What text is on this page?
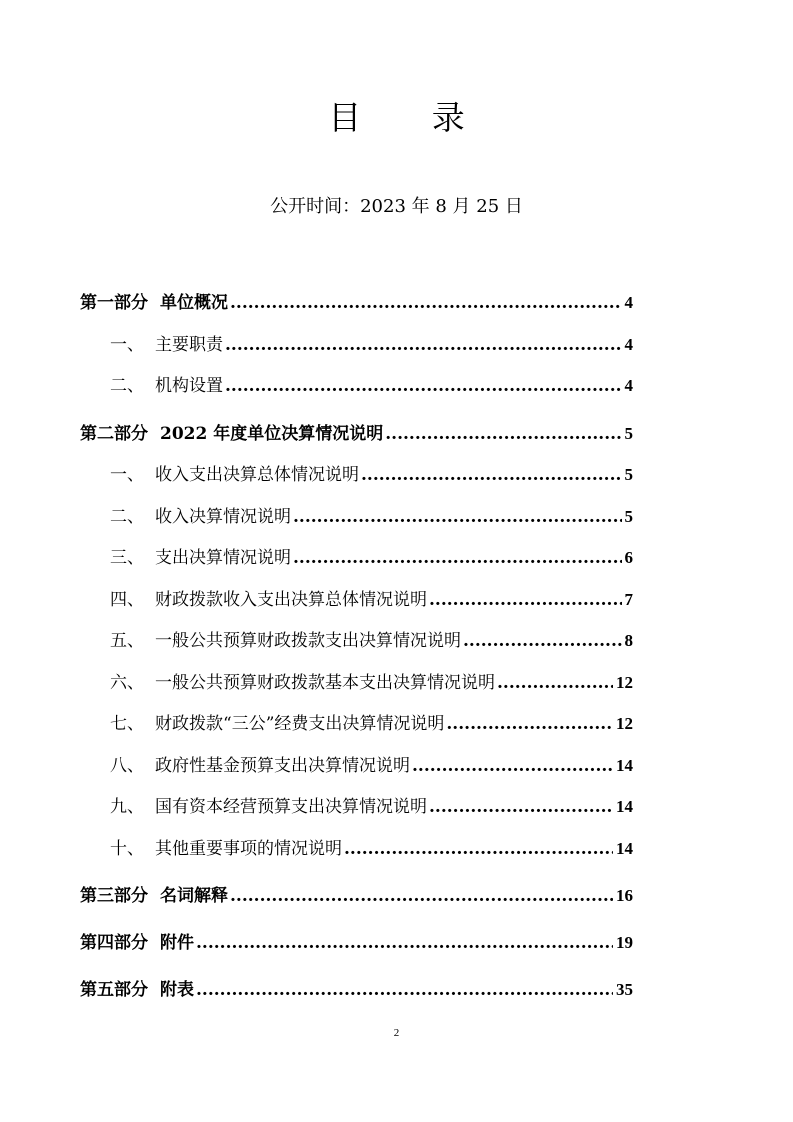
目 录
公开时间：2023 年 8 月 25 日
第一部分 单位概况 .....	4
一、 主要职责 .....	4
二、 机构设置 .....	4
第二部分 2022 年度单位决算情况说明 .....	5
一、 收入支出决算总体情况说明 .....	5
二、 收入决算情况说明 .....	5
三、 支出决算情况说明 .....	6
四、 财政拨款收入支出决算总体情况说明 .....	7
五、 一般公共预算财政拨款支出决算情况说明 .....	8
六、 一般公共预算财政拨款基本支出决算情况说明 .....	12
七、 财政拨款“三公”经费支出决算情况说明 .....	12
八、 政府性基金预算支出决算情况说明 .....	14
九、 国有资本经营预算支出决算情况说明 .....	14
十、 其他重要事项的情况说明 .....	14
第三部分 名词解释 .....	16
第四部分 附件 .....	19
第五部分 附表 .....	35
2
